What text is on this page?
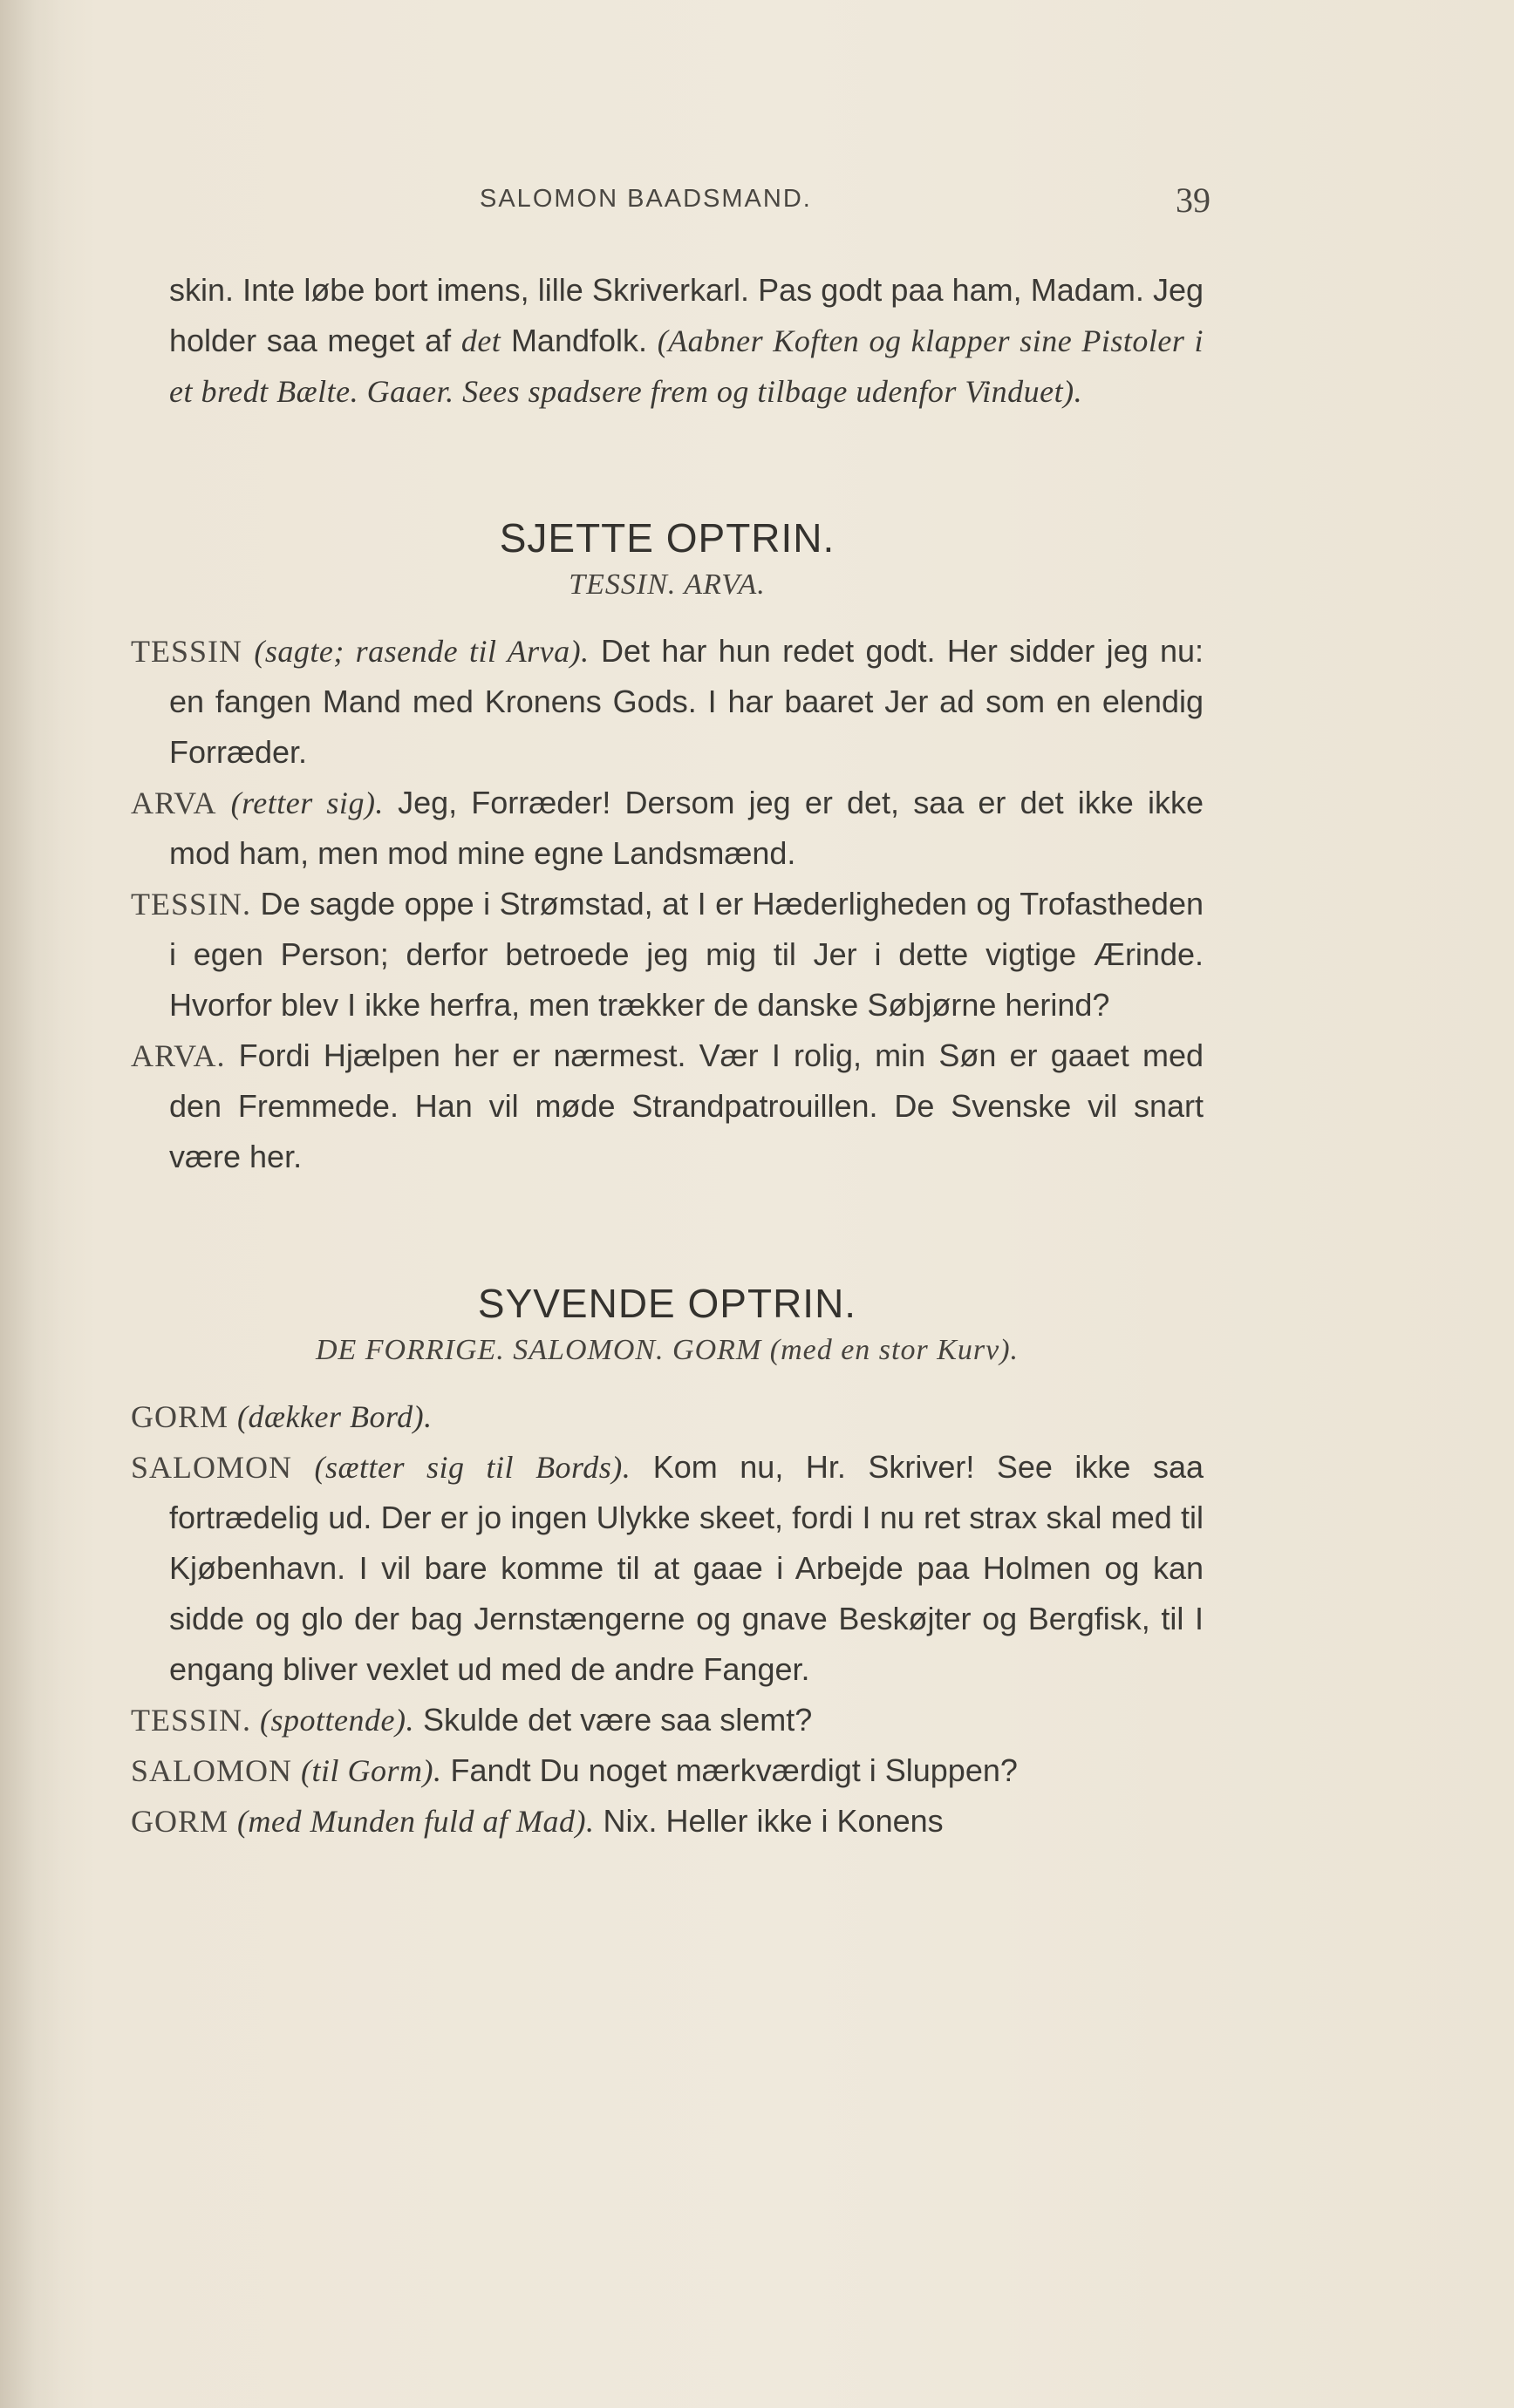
SALOMON BAADSMAND.	39
skin. Inte løbe bort imens, lille Skriverkarl. Pas godt paa ham, Madam. Jeg holder saa meget af det Mandfolk. (Aabner Koften og klapper sine Pistoler i et bredt Bælte. Gaaer. Sees spadsere frem og tilbage udenfor Vinduet).
SJETTE OPTRIN.
TESSIN. ARVA.
TESSIN (sagte; rasende til Arva). Det har hun redet godt. Her sidder jeg nu: en fangen Mand med Kronens Gods. I har baaret Jer ad som en elendig Forræder.
ARVA (retter sig). Jeg, Forræder! Dersom jeg er det, saa er det ikke ikke mod ham, men mod mine egne Landsmænd.
TESSIN. De sagde oppe i Strømstad, at I er Hæderligheden og Trofastheden i egen Person; derfor betroede jeg mig til Jer i dette vigtige Ærinde. Hvorfor blev I ikke herfra, men trækker de danske Søbjørne herind?
ARVA. Fordi Hjælpen her er nærmest. Vær I rolig, min Søn er gaaet med den Fremmede. Han vil møde Strandpatrouillen. De Svenske vil snart være her.
SYVENDE OPTRIN.
DE FORRIGE. SALOMON. GORM (med en stor Kurv).
GORM (dækker Bord).
SALOMON (sætter sig til Bords). Kom nu, Hr. Skriver! See ikke saa fortrædelig ud. Der er jo ingen Ulykke skeet, fordi I nu ret strax skal med til Kjøbenhavn. I vil bare komme til at gaae i Arbejde paa Holmen og kan sidde og glo der bag Jernstængerne og gnave Beskøjter og Bergfisk, til I engang bliver vexlet ud med de andre Fanger.
TESSIN. (spottende). Skulde det være saa slemt?
SALOMON (til Gorm). Fandt Du noget mærkværdigt i Sluppen?
GORM (med Munden fuld af Mad). Nix. Heller ikke i Konens
